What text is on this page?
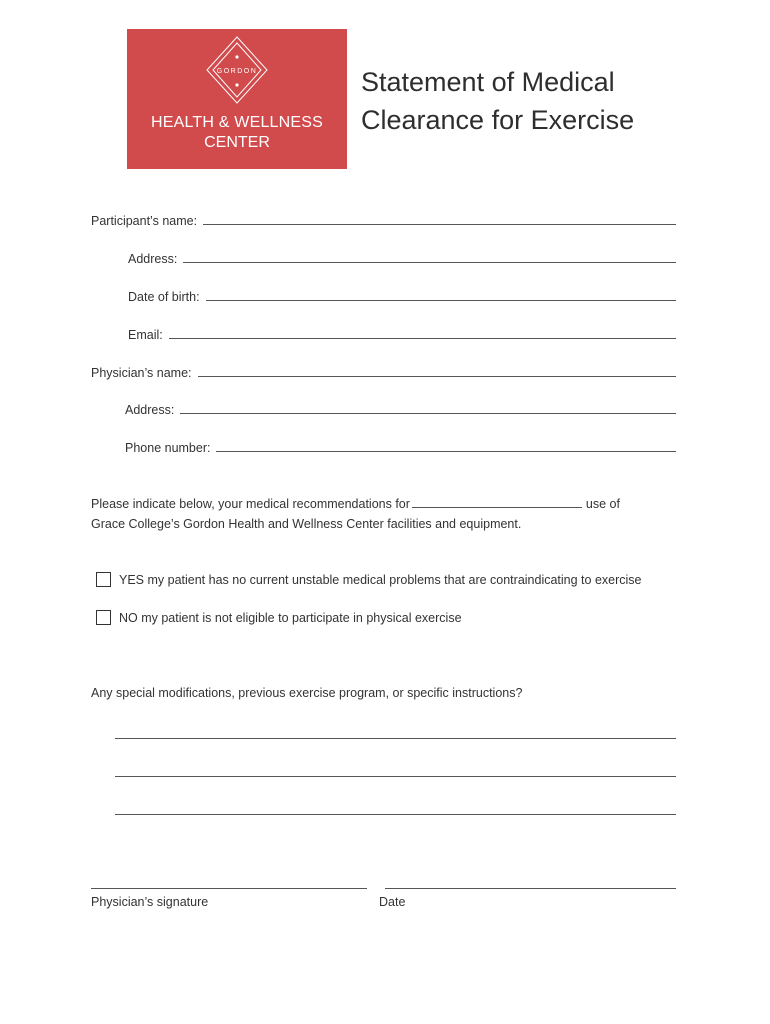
GORDON
HEALTH & WELLNESS
CENTER
Statement of Medical
Clearance for Exercise
Participant’s name:
Address:
Date of birth:
Email:
Physician’s name:
Address:
Phone number:
Please indicate below, your medical recommendations for	use of
Grace College’s Gordon Health and Wellness Center facilities and equipment.
YES my patient has no current unstable medical problems that are contraindicating to exercise
NO my patient is not eligible to participate in physical exercise
Any special modifications, previous exercise program, or specific instructions?
Physician’s signature	Date
